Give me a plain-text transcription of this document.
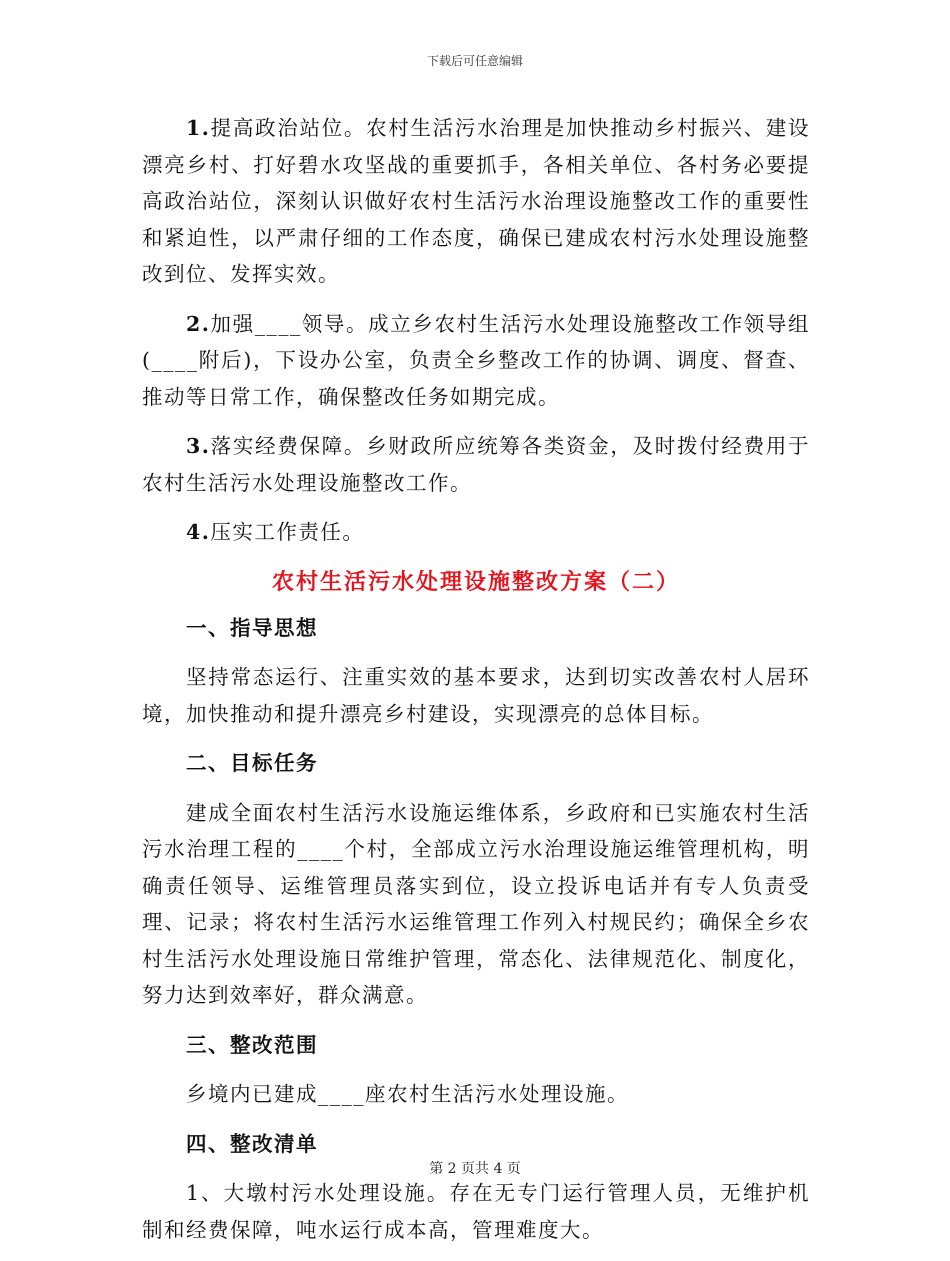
下载后可任意编辑

1.提高政治站位。农村生活污水治理是加快推动乡村振兴、建设漂亮乡村、打好碧水攻坚战的重要抓手，各相关单位、各村务必要提高政治站位，深刻认识做好农村生活污水治理设施整改工作的重要性和紧迫性，以严肃仔细的工作态度，确保已建成农村污水处理设施整改到位、发挥实效。

2.加强____领导。成立乡农村生活污水处理设施整改工作领导组(____附后)，下设办公室，负责全乡整改工作的协调、调度、督查、推动等日常工作，确保整改任务如期完成。

3.落实经费保障。乡财政所应统筹各类资金，及时拨付经费用于农村生活污水处理设施整改工作。

4.压实工作责任。

农村生活污水处理设施整改方案（二）

一、指导思想

坚持常态运行、注重实效的基本要求，达到切实改善农村人居环境，加快推动和提升漂亮乡村建设，实现漂亮的总体目标。

二、目标任务

建成全面农村生活污水设施运维体系，乡政府和已实施农村生活污水治理工程的____个村，全部成立污水治理设施运维管理机构，明确责任领导、运维管理员落实到位，设立投诉电话并有专人负责受理、记录；将农村生活污水运维管理工作列入村规民约；确保全乡农村生活污水处理设施日常维护管理，常态化、法律规范化、制度化，努力达到效率好，群众满意。

三、整改范围

乡境内已建成____座农村生活污水处理设施。

四、整改清单

1、大墩村污水处理设施。存在无专门运行管理人员，无维护机制和经费保障，吨水运行成本高，管理难度大。

第 2 页共 4 页
